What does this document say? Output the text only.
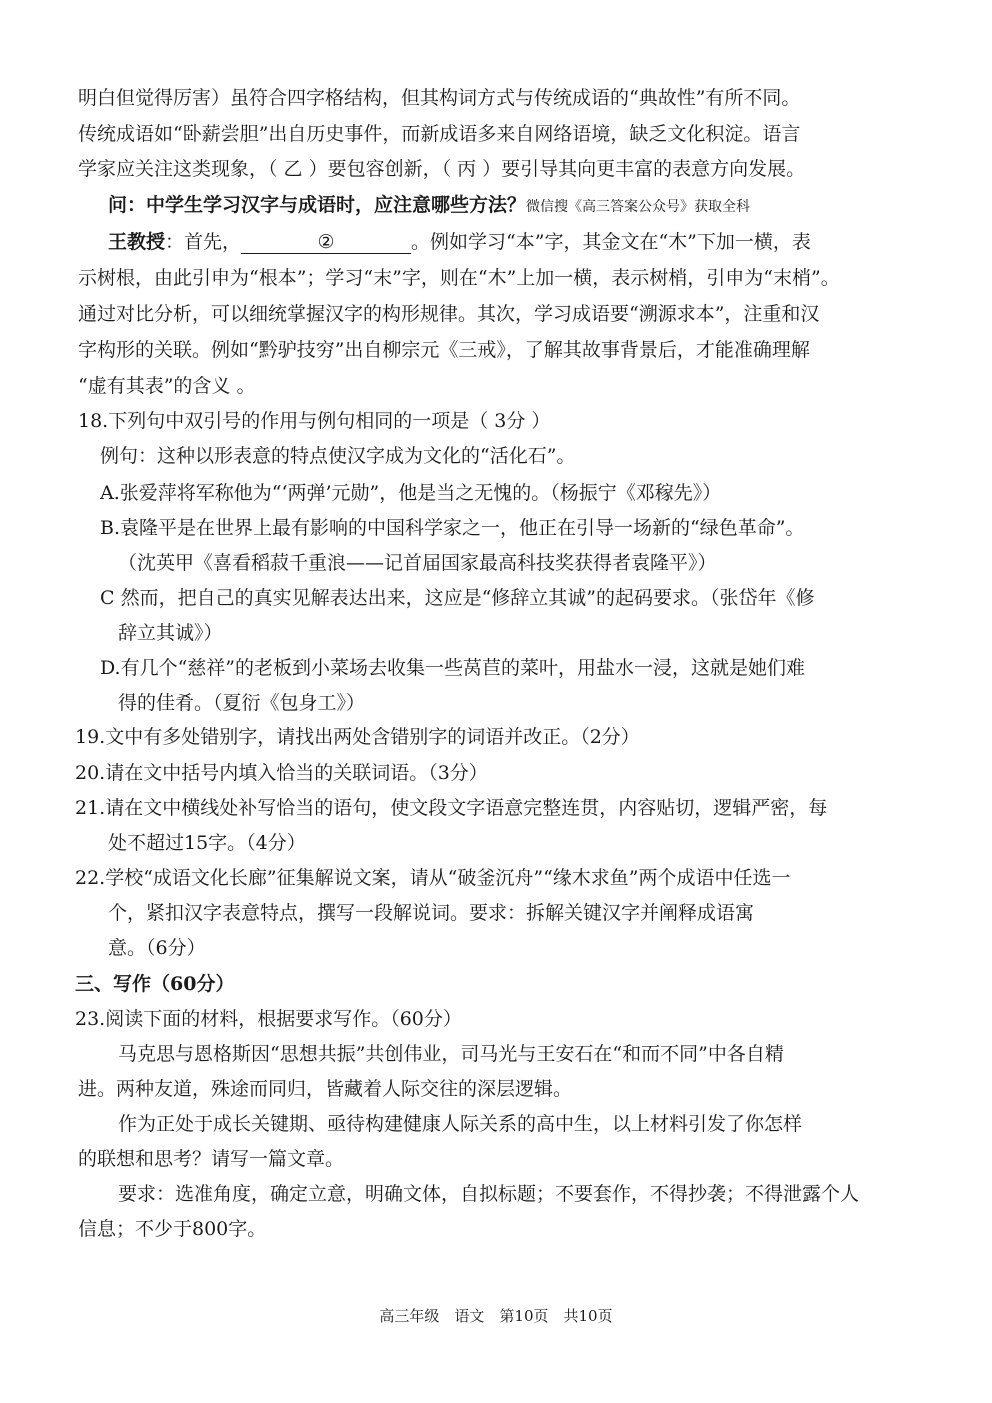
明白但觉得厉害）虽符合四字格结构，但其构词方式与传统成语的“典故性”有所不同。
传统成语如“卧薪尝胆”出自历史事件，而新成语多来自网络语境，缺乏文化积淀。语言
学家应关注这类现象，（ 乙 ）要包容创新，（ 丙 ）要引导其向更丰富的表意方向发展。
问：中学生学习汉字与成语时，应注意哪些方法？微信搜《高三答案公众号》获取全科
王教授：首先，	②	。例如学习“本”字，其金文在“木”下加一横，表
示树根，由此引申为“根本”；学习“末”字，则在“木”上加一横，表示树梢，引申为“末梢”。
通过对比分析，可以细统掌握汉字的构形规律。其次，学习成语要“溯源求本”，注重和汉
字构形的关联。例如“黔驴技穷”出自柳宗元《三戒》，了解其故事背景后，才能准确理解
“虚有其表”的含义 。
18.下列句中双引号的作用与例句相同的一项是（ 3分 ）
例句：这种以形表意的特点使汉字成为文化的“活化石”。
A.张爱萍将军称他为“‘两弹’元勋”，他是当之无愧的。（杨振宁《邓稼先》）
B.袁隆平是在世界上最有影响的中国科学家之一，他正在引导一场新的“绿色革命”。
（沈英甲《喜看稻菽千重浪——记首届国家最高科技奖获得者袁隆平》）
C 然而，把自己的真实见解表达出来，这应是“修辞立其诚”的起码要求。（张岱年《修
辞立其诚》）
D.有几个“慈祥”的老板到小菜场去收集一些莴苣的菜叶，用盐水一浸，这就是她们难
得的佳肴。（夏衍《包身工》）
19.文中有多处错别字，请找出两处含错别字的词语并改正。（2分）
20.请在文中括号内填入恰当的关联词语。（3分）
21.请在文中横线处补写恰当的语句，使文段文字语意完整连贯，内容贴切，逻辑严密，每
处不超过15字。（4分）
22.学校“成语文化长廊”征集解说文案，请从“破釜沉舟”“缘木求鱼”两个成语中任选一
个，紧扣汉字表意特点，撰写一段解说词。要求：拆解关键汉字并阐释成语寓
意。（6分）
三、写作（60分）
23.阅读下面的材料，根据要求写作。（60分）
马克思与恩格斯因“思想共振”共创伟业，司马光与王安石在“和而不同”中各自精
进。两种友道，殊途而同归，皆藏着人际交往的深层逻辑。
作为正处于成长关键期、亟待构建健康人际关系的高中生，以上材料引发了你怎样
的联想和思考？请写一篇文章。
要求：选准角度，确定立意，明确文体，自拟标题；不要套作，不得抄袭；不得泄露个人
信息；不少于800字。
高三年级　语文　第10页　共10页
